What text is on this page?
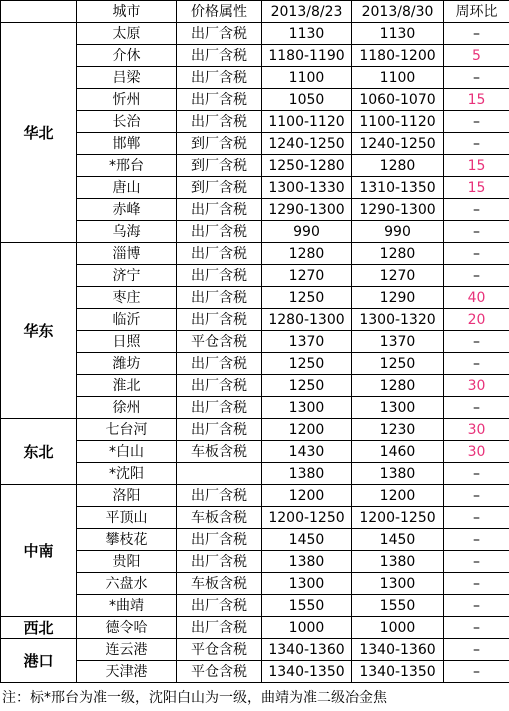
	城市	价格属性	2013/8/23	2013/8/30	周环比
华北	太原	出厂含税	1130	1130	–
	介休	出厂含税	1180-1190	1180-1200	5
	吕梁	出厂含税	1100	1100	–
	忻州	出厂含税	1050	1060-1070	15
	长治	出厂含税	1100-1120	1100-1120	–
	邯郸	到厂含税	1240-1250	1240-1250	–
	*邢台	到厂含税	1250-1280	1280	15
	唐山	到厂含税	1300-1330	1310-1350	15
	赤峰	出厂含税	1290-1300	1290-1300	–
	乌海	出厂含税	990	990	–
华东	淄博	出厂含税	1280	1280	–
	济宁	出厂含税	1270	1270	–
	枣庄	出厂含税	1250	1290	40
	临沂	出厂含税	1280-1300	1300-1320	20
	日照	平仓含税	1370	1370	–
	潍坊	出厂含税	1250	1250	–
	淮北	出厂含税	1250	1280	30
	徐州	出厂含税	1300	1300	–
东北	七台河	出厂含税	1200	1230	30
	*白山	车板含税	1430	1460	30
	*沈阳		1380	1380	–
中南	洛阳	出厂含税	1200	1200	–
	平顶山	车板含税	1200-1250	1200-1250	–
	攀枝花	出厂含税	1450	1450	–
	贵阳	出厂含税	1380	1380	–
	六盘水	车板含税	1300	1300	–
	*曲靖	出厂含税	1550	1550	–
西北	德令哈	出厂含税	1000	1000	–
港口	连云港	平仓含税	1340-1360	1340-1360	–
	天津港	平仓含税	1340-1350	1340-1350	–
注：标*邢台为准一级，沈阳白山为一级，曲靖为准二级冶金焦
